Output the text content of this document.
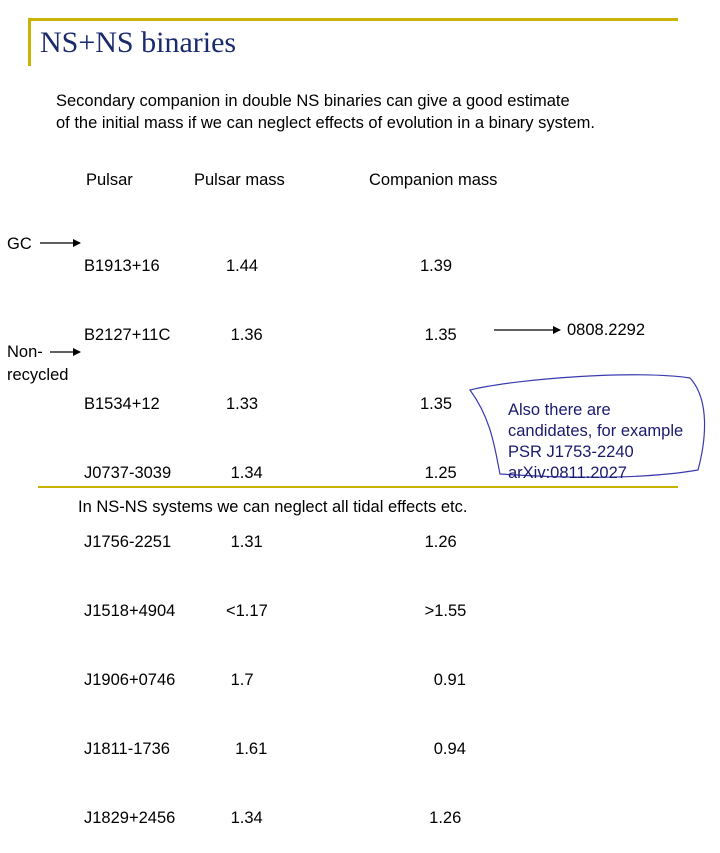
NS+NS binaries
Secondary companion in double NS binaries can give a good estimate
of the initial mass if we can neglect effects of evolution in a binary system.
Pulsar	Pulsar mass	Companion mass

B1913+16

B2127+11C

B1534+12

J0737-3039

J1756-2251

J1518+4904

J1906+0746

J1811-1736

J1829+2456

1.44

1.36

1.33

1.34

1.31

<1.17

1.7

1.61

1.34

1.39

1.35

1.35

1.25

1.26

>1.55

0.91

0.94

1.26

GC
Non-
recycled
0808.2292
Also there are
candidates, for example
PSR J1753-2240
arXiv:0811.2027
In NS-NS systems we can neglect all tidal effects etc.
